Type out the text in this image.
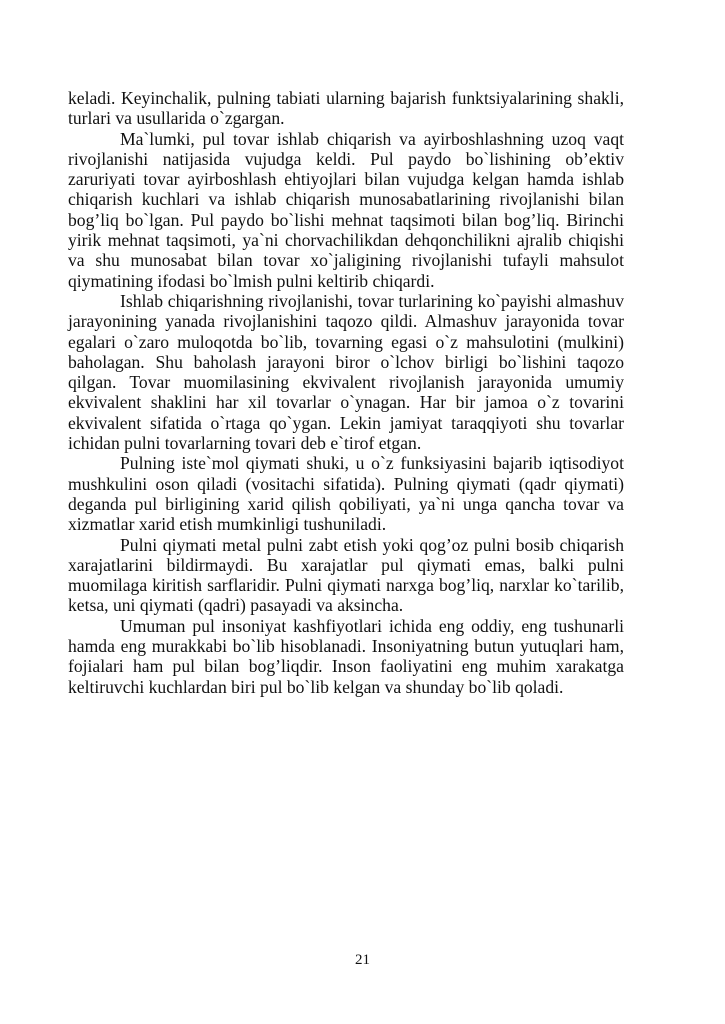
keladi. Keyinchalik, pulning tabiati ularning bajarish funktsiyalarining shakli, turlari va usullarida o`zgargan.

Ma`lumki, pul tovar ishlab chiqarish va ayirboshlashning uzoq vaqt rivojlanishi natijasida vujudga keldi. Pul paydo bo`lishining ob’ektiv zaruriyati tovar ayirboshlash ehtiyojlari bilan vujudga kelgan hamda ishlab chiqarish kuchlari va ishlab chiqarish munosabatlarining rivojlanishi bilan bog’liq bo`lgan. Pul paydo bo`lishi mehnat taqsimoti bilan bog’liq. Birinchi yirik mehnat taqsimoti, ya`ni chorvachilikdan dehqonchilikni ajralib chiqishi va shu munosabat bilan tovar xo`jaligining rivojlanishi tufayli mahsulot qiymatining ifodasi bo`lmish pulni keltirib chiqardi.

Ishlab chiqarishning rivojlanishi, tovar turlarining ko`payishi almashuv jarayonining yanada rivojlanishini taqozo qildi. Almashuv jarayonida tovar egalari o`zaro muloqotda bo`lib, tovarning egasi o`z mahsulotini (mulkini) baholagan. Shu baholash jarayoni biror o`lchov birligi bo`lishini taqozo qilgan. Tovar muomilasining ekvivalent rivojlanish jarayonida umumiy ekvivalent shaklini har xil tovarlar o`ynagan. Har bir jamoa o`z tovarini ekvivalent sifatida o`rtaga qo`ygan. Lekin jamiyat taraqqiyoti shu tovarlar ichidan pulni tovarlarning tovari deb e`tirof etgan.

Pulning iste`mol qiymati shuki, u o`z funksiyasini bajarib iqtisodiyot mushkulini oson qiladi (vositachi sifatida). Pulning qiymati (qadr qiymati) deganda pul birligining xarid qilish qobiliyati, ya`ni unga qancha tovar va xizmatlar xarid etish mumkinligi tushuniladi.

Pulni qiymati metal pulni zabt etish yoki qog’oz pulni bosib chiqarish xarajatlarini bildirmaydi. Bu xarajatlar pul qiymati emas, balki pulni muomilaga kiritish sarflaridir. Pulni qiymati narxga bog’liq, narxlar ko`tarilib, ketsa, uni qiymati (qadri) pasayadi va aksincha.

Umuman pul insoniyat kashfiyotlari ichida eng oddiy, eng tushunarli hamda eng murakkabi bo`lib hisoblanadi. Insoniyatning butun yutuqlari ham, fojialari ham pul bilan bog’liqdir. Inson faoliyatini eng muhim xarakatga keltiruvchi kuchlardan biri pul bo`lib kelgan va shunday bo`lib qoladi.

21
